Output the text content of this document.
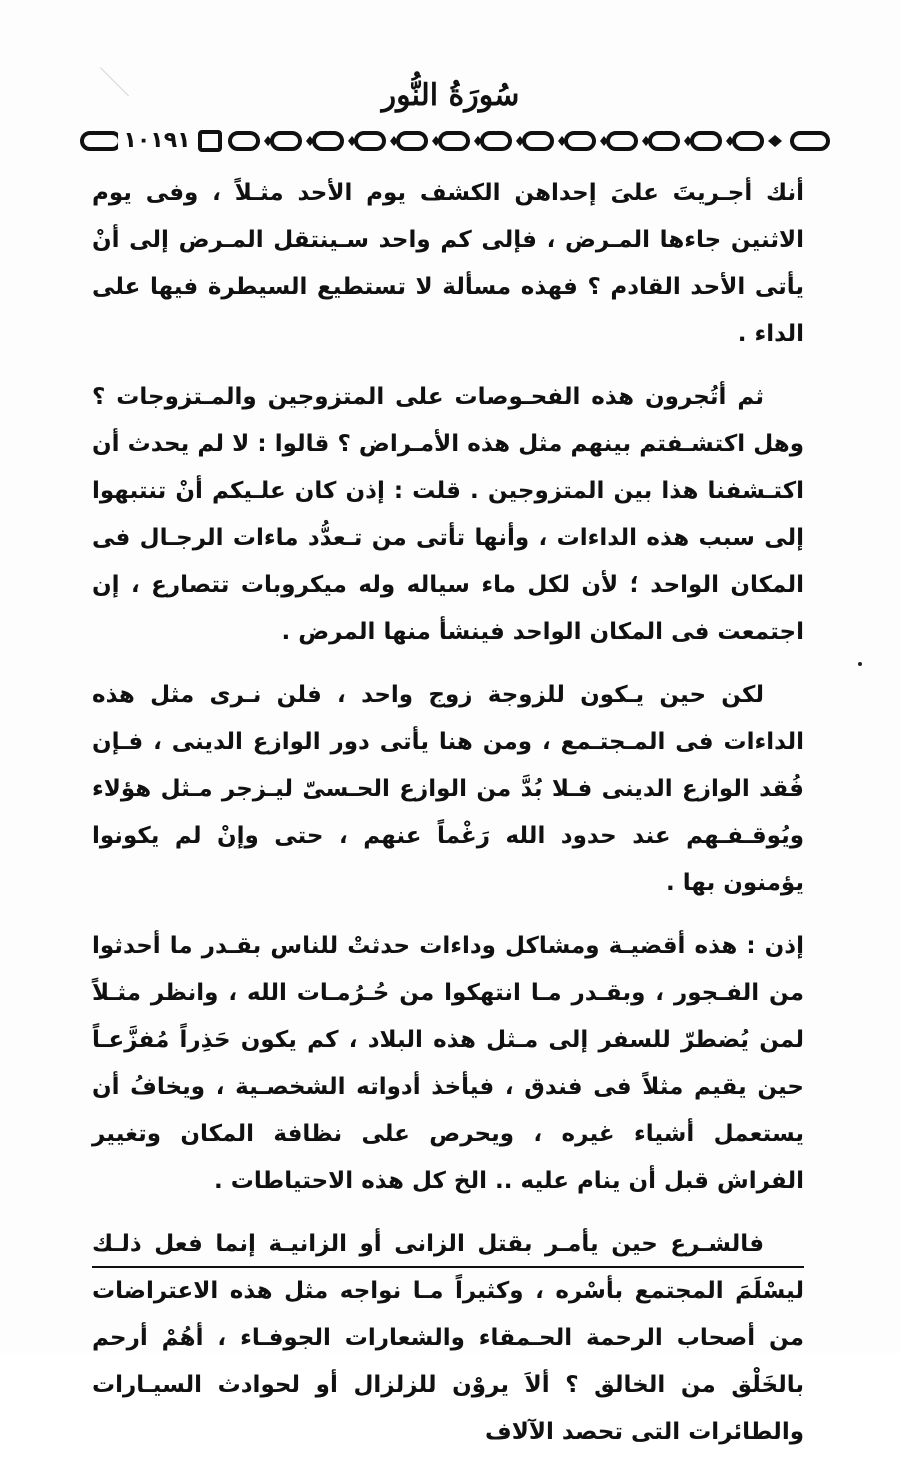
سُورَةُ النُّور
١٠١٩١

أنك أجـريتَ علىَ إحداهن الكشف يوم الأحد مثـلاً ، وفى يوم الاثنين جاءها المـرض ، فإلى كم واحد سـينتقل المـرض إلى أنْ يأتى الأحد القادم ؟ فهذه مسألة لا تستطيع السيطرة فيها على الداء .

ثم أتُجرون هذه الفحـوصات على المتزوجين والمـتزوجات ؟ وهل اكتشـفتم بينهم مثل هذه الأمـراض ؟ قالوا : لا لم يحدث أن اكتـشفنا هذا بين المتزوجين . قلت : إذن كان علـيكم أنْ تنتبهوا إلى سبب هذه الداءات ، وأنها تأتى من تـعدُّد ماءات الرجـال فى المكان الواحد ؛ لأن لكل ماء سياله وله ميكروبات تتصارع ، إن اجتمعت فى المكان الواحد فينشأ منها المرض .

لكن حين يـكون للزوجة زوج واحد ، فلن نـرى مثل هذه الداءات فى المـجتـمع ، ومن هنا يأتى دور الوازع الدينى ، فـإن فُقد الوازع الدينى فـلا بُدَّ من الوازع الحـسىّ ليـزجر مـثل هؤلاء ويُوقـفـهم عند حدود الله رَغْماً عنهم ، حتى وإنْ لم يكونوا يؤمنون بها .

إذن : هذه أقضيـة ومشاكل وداءات حدثتْ للناس بقـدر ما أحدثوا من الفـجور ، وبقـدر مـا انتهكوا من حُـرُمـات الله ، وانظر مثـلاً لمن يُضطرّ للسفر إلى مـثل هذه البلاد ، كم يكون حَذِراً مُفزَّعـاً حين يقيم مثلاً فى فندق ، فيأخذ أدواته الشخصـية ، ويخافُ أن يستعمل أشياء غيره ، ويحرص على نظافة المكان وتغيير الفراش قبل أن ينام عليه .. الخ كل هذه الاحتياطات .

فالشـرع حين يأمـر بقتل الزانى أو الزانيـة إنما فعل ذلـك ليسْلَمَ المجتمع بأسْره ، وكثيراً مـا نواجه مثل هذه الاعتراضات من أصحاب الرحمة الحـمقاء والشعارات الجوفـاء ، أهُمْ أرحم بالخَلْق من الخالق ؟ ألاَ يروْن للزلزال أو لحوادث السيـارات والطائرات التى تحصد الآلاف
